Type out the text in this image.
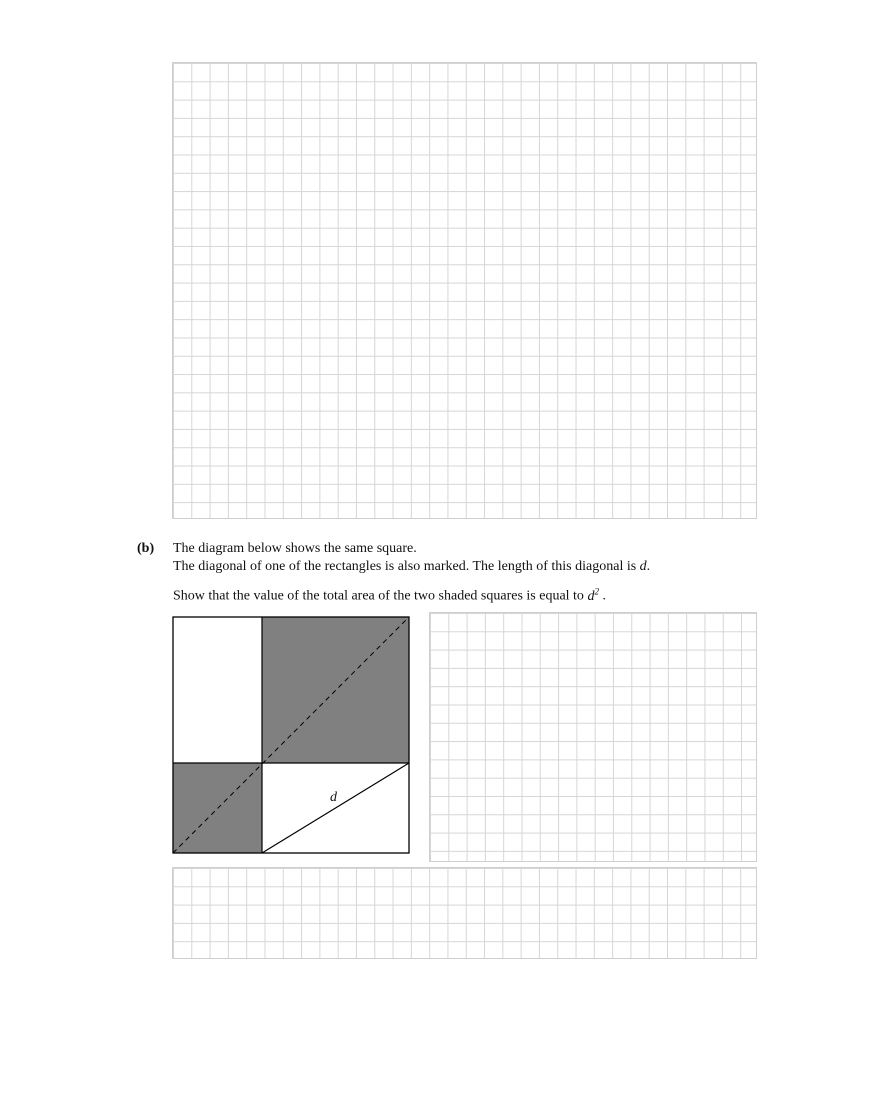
(b) The diagram below shows the same square.
The diagonal of one of the rectangles is also marked. The length of this diagonal is d.
Show that the value of the total area of the two shaded squares is equal to $d^2$ .
d
